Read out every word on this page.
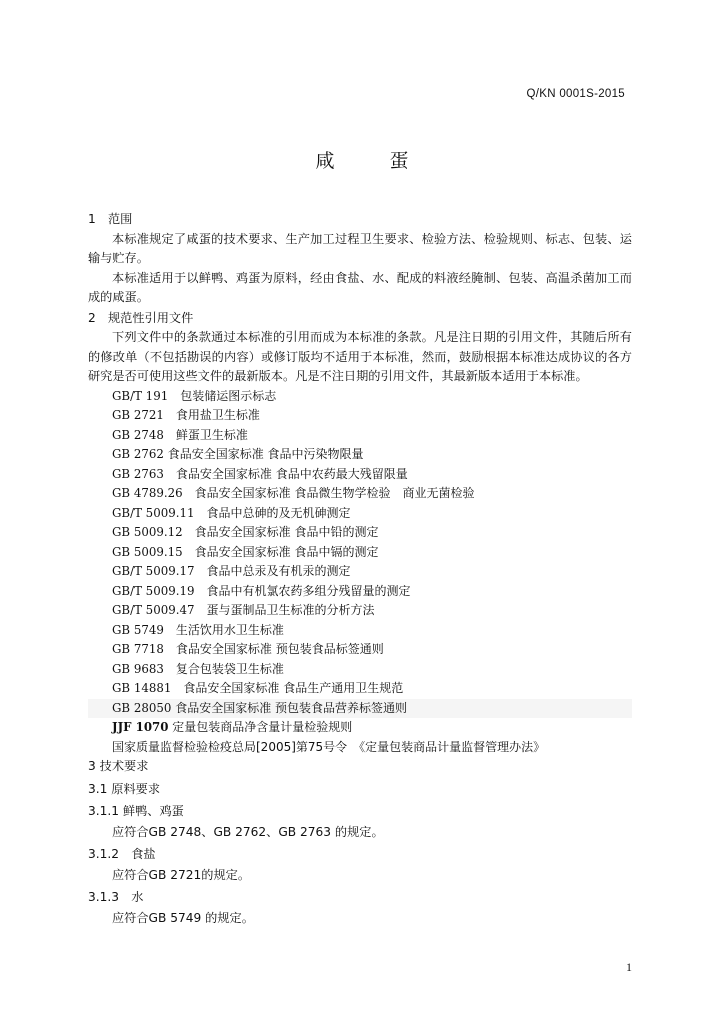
Q/KN 0001S-2015
咸　蛋
1　范围
本标准规定了咸蛋的技术要求、生产加工过程卫生要求、检验方法、检验规则、标志、包装、运输与贮存。
本标准适用于以鲜鸭、鸡蛋为原料，经由食盐、水、配成的料液经腌制、包装、高温杀菌加工而成的咸蛋。
2　规范性引用文件
下列文件中的条款通过本标准的引用而成为本标准的条款。凡是注日期的引用文件，其随后所有的修改单（不包括勘误的内容）或修订版均不适用于本标准，然而，鼓励根据本标准达成协议的各方研究是否可使用这些文件的最新版本。凡是不注日期的引用文件，其最新版本适用于本标准。
GB/T 191　包装储运图示标志
GB 2721　食用盐卫生标准
GB 2748　鲜蛋卫生标准
GB 2762 食品安全国家标准 食品中污染物限量
GB 2763　食品安全国家标准 食品中农药最大残留限量
GB 4789.26　食品安全国家标准 食品微生物学检验　商业无菌检验
GB/T 5009.11　食品中总砷的及无机砷测定
GB 5009.12　食品安全国家标准 食品中铅的测定
GB 5009.15　食品安全国家标准 食品中镉的测定
GB/T 5009.17　食品中总汞及有机汞的测定
GB/T 5009.19　食品中有机氯农药多组分残留量的测定
GB/T 5009.47　蛋与蛋制品卫生标准的分析方法
GB 5749　生活饮用水卫生标准
GB 7718　食品安全国家标准 预包装食品标签通则
GB 9683　复合包装袋卫生标准
GB 14881　食品安全国家标准 食品生产通用卫生规范
GB 28050 食品安全国家标准 预包装食品营养标签通则
JJF 1070 定量包装商品净含量计量检验规则
国家质量监督检验检疫总局[2005]第75号令　《定量包装商品计量监督管理办法》
3 技术要求
3.1 原料要求
3.1.1 鲜鸭、鸡蛋
应符合GB 2748、GB 2762、GB 2763 的规定。
3.1.2　食盐
应符合GB 2721的规定。
3.1.3　水
应符合GB 5749 的规定。
1
